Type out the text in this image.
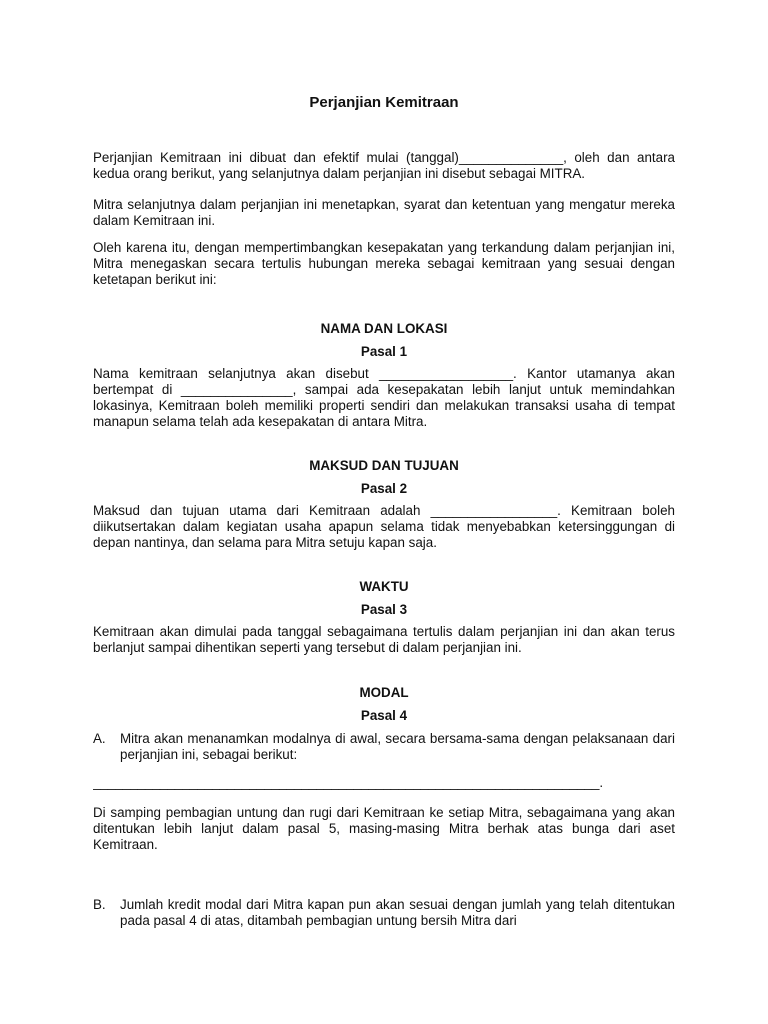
Perjanjian Kemitraan

Perjanjian Kemitraan ini dibuat dan efektif mulai (tanggal)______________, oleh dan antara kedua orang berikut, yang selanjutnya dalam perjanjian ini disebut sebagai MITRA.

Mitra selanjutnya dalam perjanjian ini menetapkan, syarat dan ketentuan yang mengatur mereka dalam Kemitraan ini.

Oleh karena itu, dengan mempertimbangkan kesepakatan yang terkandung dalam perjanjian ini, Mitra menegaskan secara tertulis hubungan mereka sebagai kemitraan yang sesuai dengan ketetapan berikut ini:

NAMA DAN LOKASI
Pasal 1

Nama kemitraan selanjutnya akan disebut __________________. Kantor utamanya akan bertempat di _______________, sampai ada kesepakatan lebih lanjut untuk memindahkan lokasinya, Kemitraan boleh memiliki properti sendiri dan melakukan transaksi usaha di tempat manapun selama telah ada kesepakatan di antara Mitra.

MAKSUD DAN TUJUAN
Pasal 2

Maksud dan tujuan utama dari Kemitraan adalah _________________. Kemitraan boleh diikutsertakan dalam kegiatan usaha apapun selama tidak menyebabkan ketersinggungan di depan nantinya, dan selama para Mitra setuju kapan saja.

WAKTU
Pasal 3

Kemitraan akan dimulai pada tanggal sebagaimana tertulis dalam perjanjian ini dan akan terus berlanjut sampai dihentikan seperti yang tersebut di dalam perjanjian ini.

MODAL
Pasal 4
A. Mitra akan menanamkan modalnya di awal, secara bersama-sama dengan pelaksanaan dari perjanjian ini, sebagai berikut:
____________________________________________________________________.

Di samping pembagian untung dan rugi dari Kemitraan ke setiap Mitra, sebagaimana yang akan ditentukan lebih lanjut dalam pasal 5, masing-masing Mitra berhak atas bunga dari aset Kemitraan.

B. Jumlah kredit modal dari Mitra kapan pun akan sesuai dengan jumlah yang telah ditentukan pada pasal 4 di atas, ditambah pembagian untung bersih Mitra dari
